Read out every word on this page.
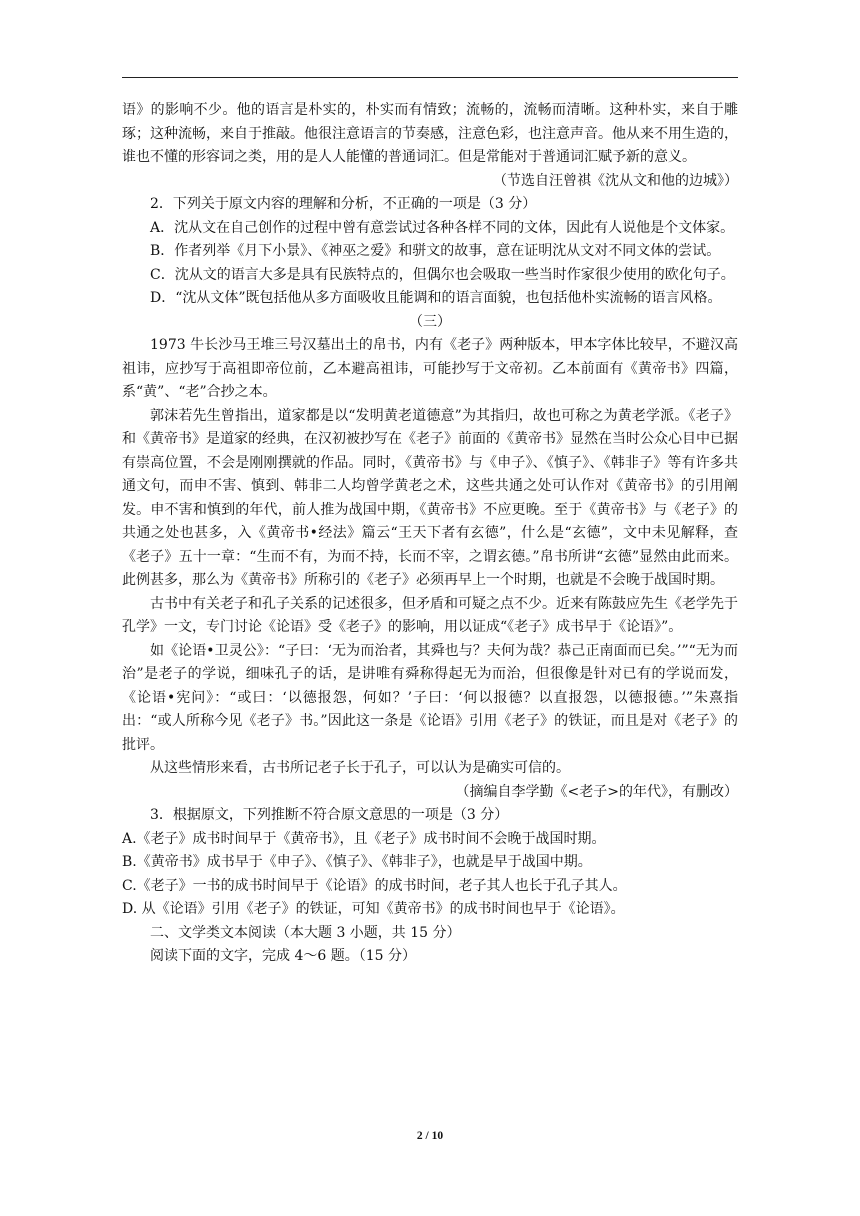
语》的影响不少。他的语言是朴实的，朴实而有情致；流畅的，流畅而清晰。这种朴实，来自于雕琢；这种流畅，来自于推敲。他很注意语言的节奏感，注意色彩，也注意声音。他从来不用生造的，谁也不懂的形容词之类，用的是人人能懂的普通词汇。但是常能对于普通词汇赋予新的意义。

（节选自汪曾祺《沈从文和他的边城》）

2．下列关于原文内容的理解和分析，不正确的一项是（3 分）

A．沈从文在自己创作的过程中曾有意尝试过各种各样不同的文体，因此有人说他是个文体家。

B．作者列举《月下小景》、《神巫之爱》和骈文的故事，意在证明沈从文对不同文体的尝试。

C．沈从文的语言大多是具有民族特点的，但偶尔也会吸取一些当时作家很少使用的欧化句子。

D．“沈从文体”既包括他从多方面吸收且能调和的语言面貌，也包括他朴实流畅的语言风格。

（三）

1973 牛长沙马王堆三号汉墓出土的帛书，内有《老子》两种版本，甲本字体比较早，不避汉高祖讳，应抄写于高祖即帝位前，乙本避高祖讳，可能抄写于文帝初。乙本前面有《黄帝书》四篇，系“黄”、“老”合抄之本。

郭沫若先生曾指出，道家都是以“发明黄老道德意”为其指归，故也可称之为黄老学派。《老子》和《黄帝书》是道家的经典，在汉初被抄写在《老子》前面的《黄帝书》显然在当时公众心目中已据有崇高位置，不会是刚刚撰就的作品。同时，《黄帝书》与《申子》、《慎子》、《韩非子》等有许多共通文句，而申不害、慎到、韩非二人均曾学黄老之术，这些共通之处可认作对《黄帝书》的引用阐发。申不害和慎到的年代，前人推为战国中期，《黄帝书》不应更晚。至于《黄帝书》与《老子》的共通之处也甚多，入《黄帝书•经法》篇云“王天下者有玄德”，什么是“玄德”，文中未见解释，查《老子》五十一章：“生而不有，为而不持，长而不宰，之谓玄德。”帛书所讲“玄德”显然由此而来。此例甚多，那么为《黄帝书》所称引的《老子》必须再早上一个时期，也就是不会晚于战国时期。

古书中有关老子和孔子关系的记述很多，但矛盾和可疑之点不少。近来有陈鼓应先生《老学先于孔学》一文，专门讨论《论语》受《老子》的影响，用以证成“《老子》成书早于《论语》”。

如《论语•卫灵公》：“子曰：‘无为而治者，其舜也与？夫何为哉？恭己正南面而已矣。’”“无为而治”是老子的学说，细味孔子的话，是讲唯有舜称得起无为而治，但很像是针对已有的学说而发，《论语•宪问》：“或曰：‘以德报怨，何如？’子曰：‘何以报德？以直报怨，以德报德。’”朱熹指出：“或人所称今见《老子》书。”因此这一条是《论语》引用《老子》的铁证，而且是对《老子》的批评。

从这些情形来看，古书所记老子长于孔子，可以认为是确实可信的。

（摘编自李学勤《<老子>的年代》，有删改）

3．根据原文，下列推断不符合原文意思的一项是（3 分）

A.《老子》成书时间早于《黄帝书》，且《老子》成书时间不会晚于战国时期。

B.《黄帝书》成书早于《申子》、《慎子》、《韩非子》，也就是早于战国中期。

C.《老子》一书的成书时间早于《论语》的成书时间，老子其人也长于孔子其人。

D. 从《论语》引用《老子》的铁证，可知《黄帝书》的成书时间也早于《论语》。

二、文学类文本阅读（本大题 3 小题，共 15 分）

阅读下面的文字，完成 4～6 题。（15 分）

2 / 10
